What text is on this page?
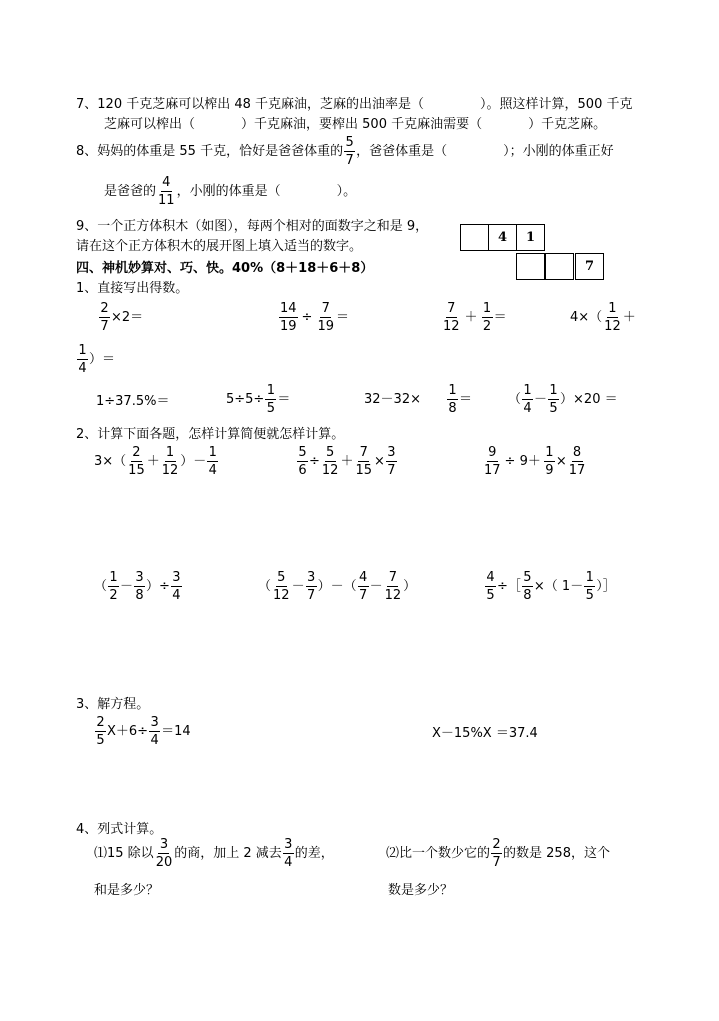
7、120 千克芝麻可以榨出 48 千克麻油，芝麻的出油率是（	）。照这样计算，500 千克
芝麻可以榨出（	）千克麻油，要榨出 500 千克麻油需要（	）千克芝麻。
8、妈妈的体重是 55 千克，恰好是爸爸体重的 $\frac{5}{7}$ ，爸爸体重是（	）；小刚的体重正好
是爸爸的 $\frac{4}{11}$ ，小刚的体重是（	）。
9、一个正方体积木（如图），每两个相对的面数字之和是 9，
请在这个正方体积木的展开图上填入适当的数字。
4	1
7
四、神机妙算对、巧、快。40%（8＋18＋6＋8）
1、直接写出得数。
$\frac{2}{7} \times 2=$	$\frac{14}{19} \div \frac{7}{19}$ ＝	$\frac{7}{12} + \frac{1}{2}$ ＝	$4\times( \frac{1}{12}$ ＋
$\frac{1}{4}$ ）＝
1÷37.5%＝	$5\div 5\div \frac{1}{5}$ ＝	$32-32\times \frac{1}{8}$ ＝	（ $\frac{1}{4} - \frac{1}{5} )\times 20$ ＝
2、计算下面各题，怎样计算简便就怎样计算。
$3\times( \frac{2}{15} + \frac{1}{12}$ ）－ $\frac{1}{4}$	$\frac{5}{6} \div \frac{5}{12} + \frac{7}{15} \times \frac{3}{7}$	$\frac{9}{17} \div 9+ \frac{1}{9} \times \frac{8}{17}$
（ $\frac{1}{2} - \frac{3}{8}$ ）÷ $\frac{3}{4}$	（ $\frac{5}{12} - \frac{3}{7}$ ）－（ $\frac{4}{7} - \frac{7}{12}$ ）	$\frac{4}{5}$ ÷［ $\frac{5}{8}$ ×（ $1- \frac{1}{5}$ ）］
3、解方程。
$\frac{2}{5} X+6\div \frac{3}{4} =14$	X－15%X ＝37.4
4、列式计算。
⑴15 除以 $\frac{3}{20}$ 的商，加上 2 减去 $\frac{3}{4}$ 的差，
和是多少？
⑵比一个数少它的 $\frac{2}{7}$ 的数是 258，这个
数是多少？
